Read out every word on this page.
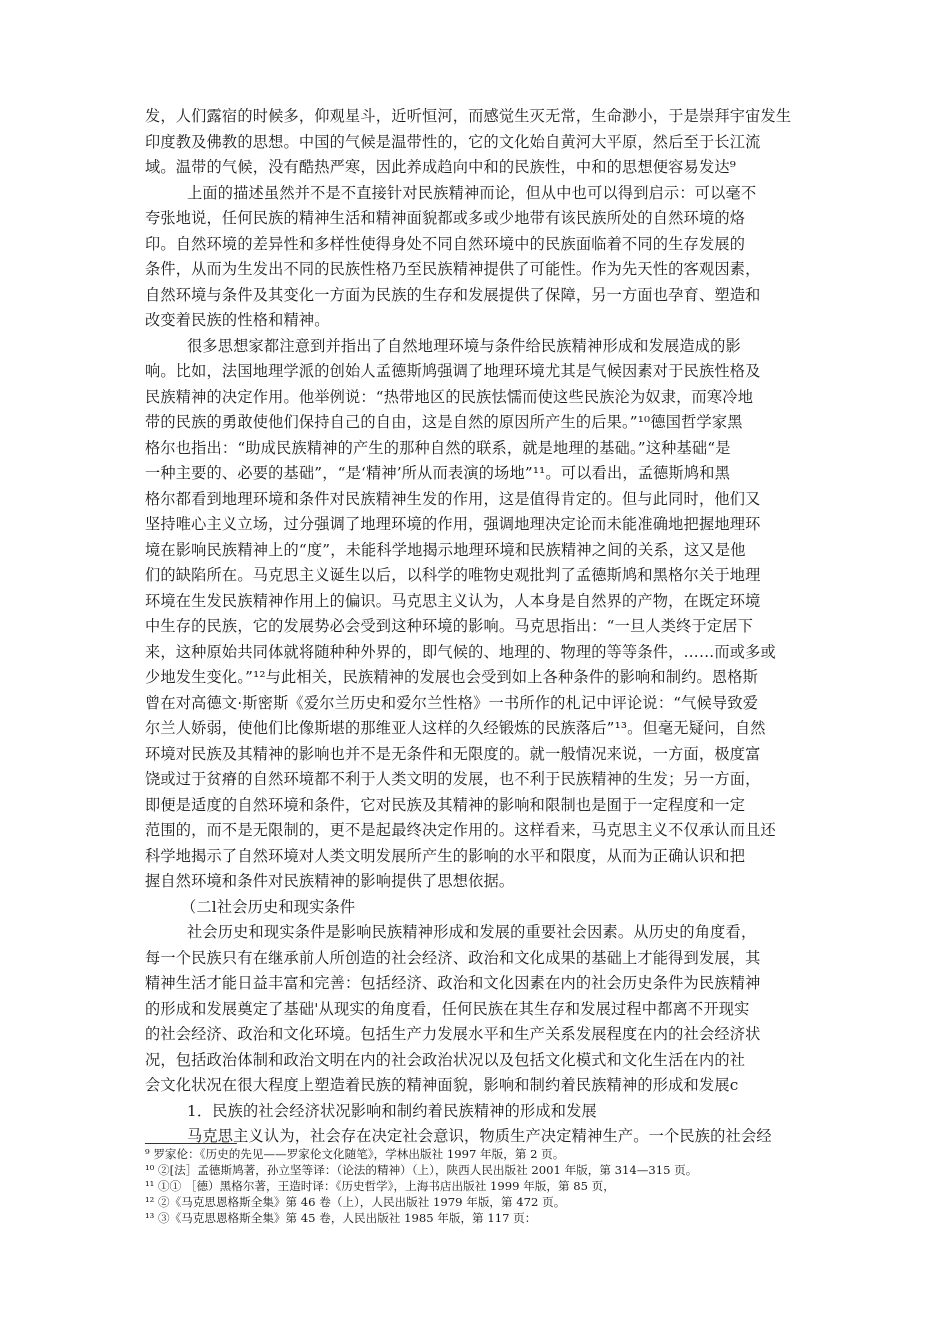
发，人们露宿的时候多，仰观星斗，近听恒河，而感觉生灭无常，生命渺小，于是崇拜宇宙发生
印度教及佛教的思想。中国的气候是温带性的，它的文化始自黄河大平原，然后至于长江流
域。温带的气候，没有酷热严寒，因此养成趋向中和的民族性，中和的思想便容易发达⁹
上面的描述虽然并不是不直接针对民族精神而论，但从中也可以得到启示：可以毫不
夸张地说，任何民族的精神生活和精神面貌都或多或少地带有该民族所处的自然环境的烙
印。自然环境的差异性和多样性使得身处不同自然环境中的民族面临着不同的生存发展的
条件，从而为生发出不同的民族性格乃至民族精神提供了可能性。作为先天性的客观因素，
自然环境与条件及其变化一方面为民族的生存和发展提供了保障，另一方面也孕育、塑造和
改变着民族的性格和精神。
很多思想家都注意到并指出了自然地理环境与条件给民族精神形成和发展造成的影
响。比如，法国地理学派的创始人孟德斯鸠强调了地理环境尤其是气候因素对于民族性格及
民族精神的决定作用。他举例说：“热带地区的民族怯懦而使这些民族沦为奴隶，而寒冷地
带的民族的勇敢使他们保持自己的自由，这是自然的原因所产生的后果。”¹⁰德国哲学家黑
格尔也指出：“助成民族精神的产生的那种自然的联系，就是地理的基础。”这种基础“是
一种主要的、必要的基础”，“是‘精神’所从而表演的场地”¹¹。可以看出，孟德斯鸠和黑
格尔都看到地理环境和条件对民族精神生发的作用，这是值得肯定的。但与此同时，他们又
坚持唯心主义立场，过分强调了地理环境的作用，强调地理决定论而未能准确地把握地理环
境在影响民族精神上的“度”，未能科学地揭示地理环境和民族精神之间的关系，这又是他
们的缺陷所在。马克思主义诞生以后，以科学的唯物史观批判了孟德斯鸠和黑格尔关于地理
环境在生发民族精神作用上的偏识。马克思主义认为，人本身是自然界的产物，在既定环境
中生存的民族，它的发展势必会受到这种环境的影响。马克思指出：“一旦人类终于定居下
来，这种原始共同体就将随种种外界的，即气候的、地理的、物理的等等条件，……而或多或
少地发生变化。”¹²与此相关，民族精神的发展也会受到如上各种条件的影响和制约。恩格斯
曾在对高德文·斯密斯《爱尔兰历史和爱尔兰性格》一书所作的札记中评论说：“气候导致爱
尔兰人娇弱，使他们比像斯堪的那维亚人这样的久经锻炼的民族落后”¹³。但毫无疑问，自然
环境对民族及其精神的影响也并不是无条件和无限度的。就一般情况来说，一方面，极度富
饶或过于贫瘠的自然环境都不利于人类文明的发展，也不利于民族精神的生发；另一方面，
即便是适度的自然环境和条件，它对民族及其精神的影响和限制也是囿于一定程度和一定
范围的，而不是无限制的，更不是起最终决定作用的。这样看来，马克思主义不仅承认而且还
科学地揭示了自然环境对人类文明发展所产生的影响的水平和限度，从而为正确认识和把
握自然环境和条件对民族精神的影响提供了思想依据。
（二l社会历史和现实条件
社会历史和现实条件是影响民族精神形成和发展的重要社会因素。从历史的角度看，
每一个民族只有在继承前人所创造的社会经济、政治和文化成果的基础上才能得到发展，其
精神生活才能日益丰富和完善：包括经济、政治和文化因素在内的社会历史条件为民族精神
的形成和发展奠定了基础'从现实的角度看，任何民族在其生存和发展过程中都离不开现实
的社会经济、政治和文化环境。包括生产力发展水平和生产关系发展程度在内的社会经济状
况，包括政治体制和政治文明在内的社会政治状况以及包括文化模式和文化生活在内的社
会文化状况在很大程度上塑造着民族的精神面貌，影响和制约着民族精神的形成和发展c
1．民族的社会经济状况影响和制约着民族精神的形成和发展
马克思主义认为，社会存在决定社会意识，物质生产决定精神生产。一个民族的社会经
⁹ 罗家伦：《历史的先见——罗家伦文化随笔》，学林出版社 1997 年版，第 2 页。
¹⁰ ②[法］孟德斯鸠著，孙立坚等译：（论法的精神）（上），陕西人民出版社 2001 年版，第 314—315 页。
¹¹ ①① ［德）黑格尔著，王造时译：《历史哲学》，上海书店出版社 1999 年版，第 85 页，
¹² ②《马克思恩格斯全集》第 46 卷（上），人民出版社 1979 年版，第 472 页。
¹³ ③《马克思恩格斯全集》第 45 卷，人民出版社 1985 年版，第 117 页：
